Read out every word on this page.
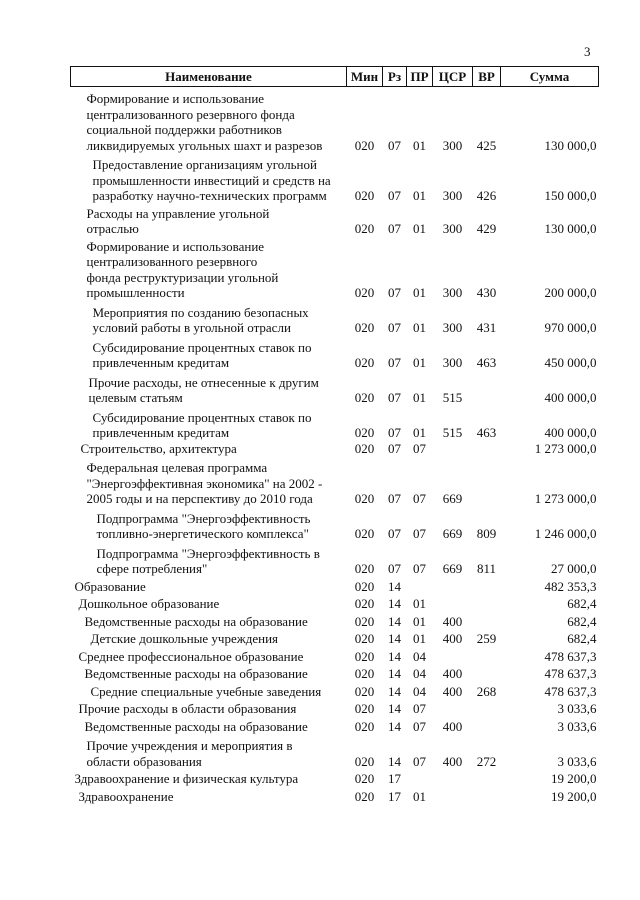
3
Наименование	Мин	Рз	ПР	ЦСР	ВР	Сумма

Формирование и использование централизованного резервного фонда социальной поддержки работников ликвидируемых угольных шахт и разрезов	020	07	01	300	425	130 000,0

Предоставление организациям угольной промышленности инвестиций и средств на разработку научно-технических программ	020	07	01	300	426	150 000,0

Расходы на управление угольной отраслью	020	07	01	300	429	130 000,0

Формирование и использование централизованного резервного фонда реструктуризации угольной промышленности	020	07	01	300	430	200 000,0

Мероприятия по созданию безопасных условий работы в угольной отрасли	020	07	01	300	431	970 000,0

Субсидирование процентных ставок по привлеченным кредитам	020	07	01	300	463	450 000,0

Прочие расходы, не отнесенные к другим целевым статьям	020	07	01	515		400 000,0

Субсидирование процентных ставок по привлеченным кредитам	020	07	01	515	463	400 000,0

Строительство, архитектура	020	07	07			1 273 000,0

Федеральная целевая программа "Энергоэффективная экономика" на 2002 - 2005 годы и на перспективу до 2010 года	020	07	07	669		1 273 000,0

Подпрограмма "Энергоэффективность топливно-энергетического комплекса"	020	07	07	669	809	1 246 000,0

Подпрограмма "Энергоэффективность в сфере потребления"	020	07	07	669	811	27 000,0

Образование	020	14				482 353,3

Дошкольное образование	020	14	01			682,4

Ведомственные расходы на образование	020	14	01	400		682,4

Детские дошкольные учреждения	020	14	01	400	259	682,4

Среднее профессиональное образование	020	14	04			478 637,3

Ведомственные расходы на образование	020	14	04	400		478 637,3

Средние специальные учебные заведения	020	14	04	400	268	478 637,3

Прочие расходы в области образования	020	14	07			3 033,6

Ведомственные расходы на образование	020	14	07	400		3 033,6

Прочие учреждения и мероприятия в области образования	020	14	07	400	272	3 033,6

Здравоохранение и физическая культура	020	17				19 200,0

Здравоохранение	020	17	01			19 200,0
